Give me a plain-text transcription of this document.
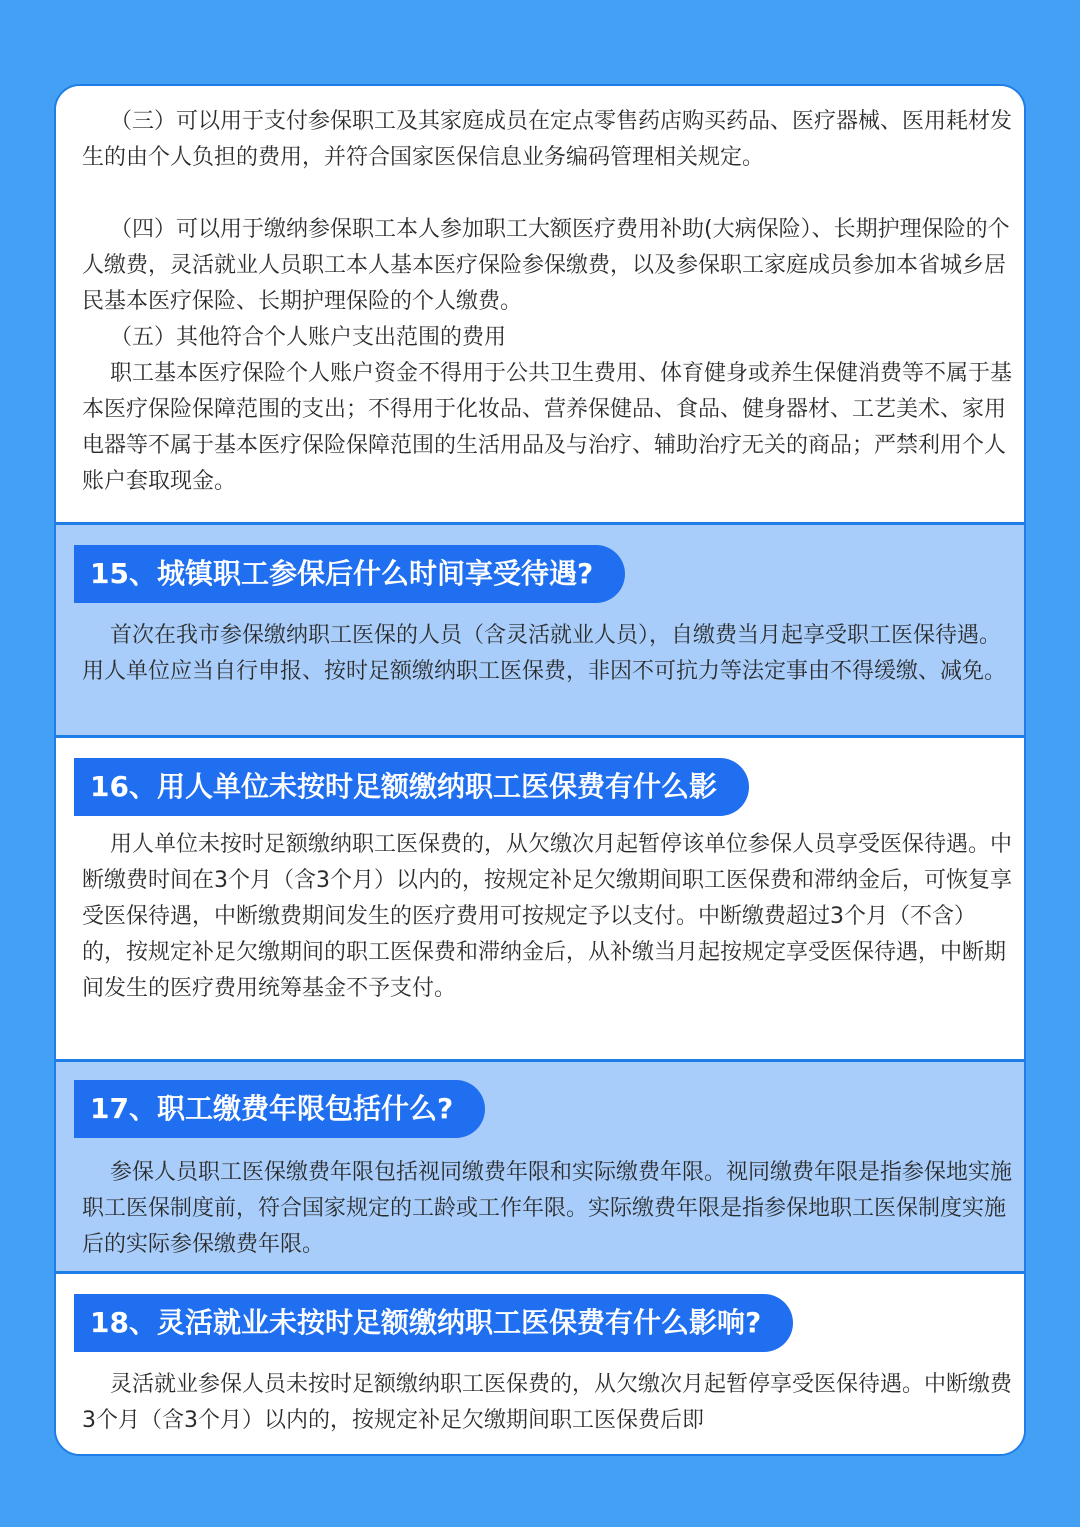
（三）可以用于支付参保职工及其家庭成员在定点零售药店购买药品、医疗器械、医用耗材发生的由个人负担的费用，并符合国家医保信息业务编码管理相关规定。

（四）可以用于缴纳参保职工本人参加职工大额医疗费用补助(大病保险）、长期护理保险的个人缴费，灵活就业人员职工本人基本医疗保险参保缴费，以及参保职工家庭成员参加本省城乡居民基本医疗保险、长期护理保险的个人缴费。

（五）其他符合个人账户支出范围的费用

职工基本医疗保险个人账户资金不得用于公共卫生费用、体育健身或养生保健消费等不属于基本医疗保险保障范围的支出；不得用于化妆品、营养保健品、食品、健身器材、工艺美术、家用电器等不属于基本医疗保险保障范围的生活用品及与治疗、辅助治疗无关的商品；严禁利用个人账户套取现金。

15、城镇职工参保后什么时间享受待遇?

首次在我市参保缴纳职工医保的人员（含灵活就业人员），自缴费当月起享受职工医保待遇。 用人单位应当自行申报、按时足额缴纳职工医保费，非因不可抗力等法定事由不得缓缴、减免。

16、用人单位未按时足额缴纳职工医保费有什么影

用人单位未按时足额缴纳职工医保费的，从欠缴次月起暂停该单位参保人员享受医保待遇。中断缴费时间在3个月（含3个月）以内的，按规定补足欠缴期间职工医保费和滞纳金后，可恢复享受医保待遇，中断缴费期间发生的医疗费用可按规定予以支付。中断缴费超过3个月（不含）的，按规定补足欠缴期间的职工医保费和滞纳金后，从补缴当月起按规定享受医保待遇，中断期间发生的医疗费用统筹基金不予支付。

17、职工缴费年限包括什么?

参保人员职工医保缴费年限包括视同缴费年限和实际缴费年限。视同缴费年限是指参保地实施职工医保制度前，符合国家规定的工龄或工作年限。实际缴费年限是指参保地职工医保制度实施后的实际参保缴费年限。

18、灵活就业未按时足额缴纳职工医保费有什么影响?

灵活就业参保人员未按时足额缴纳职工医保费的，从欠缴次月起暂停享受医保待遇。中断缴费3个月（含3个月）以内的，按规定补足欠缴期间职工医保费后即
